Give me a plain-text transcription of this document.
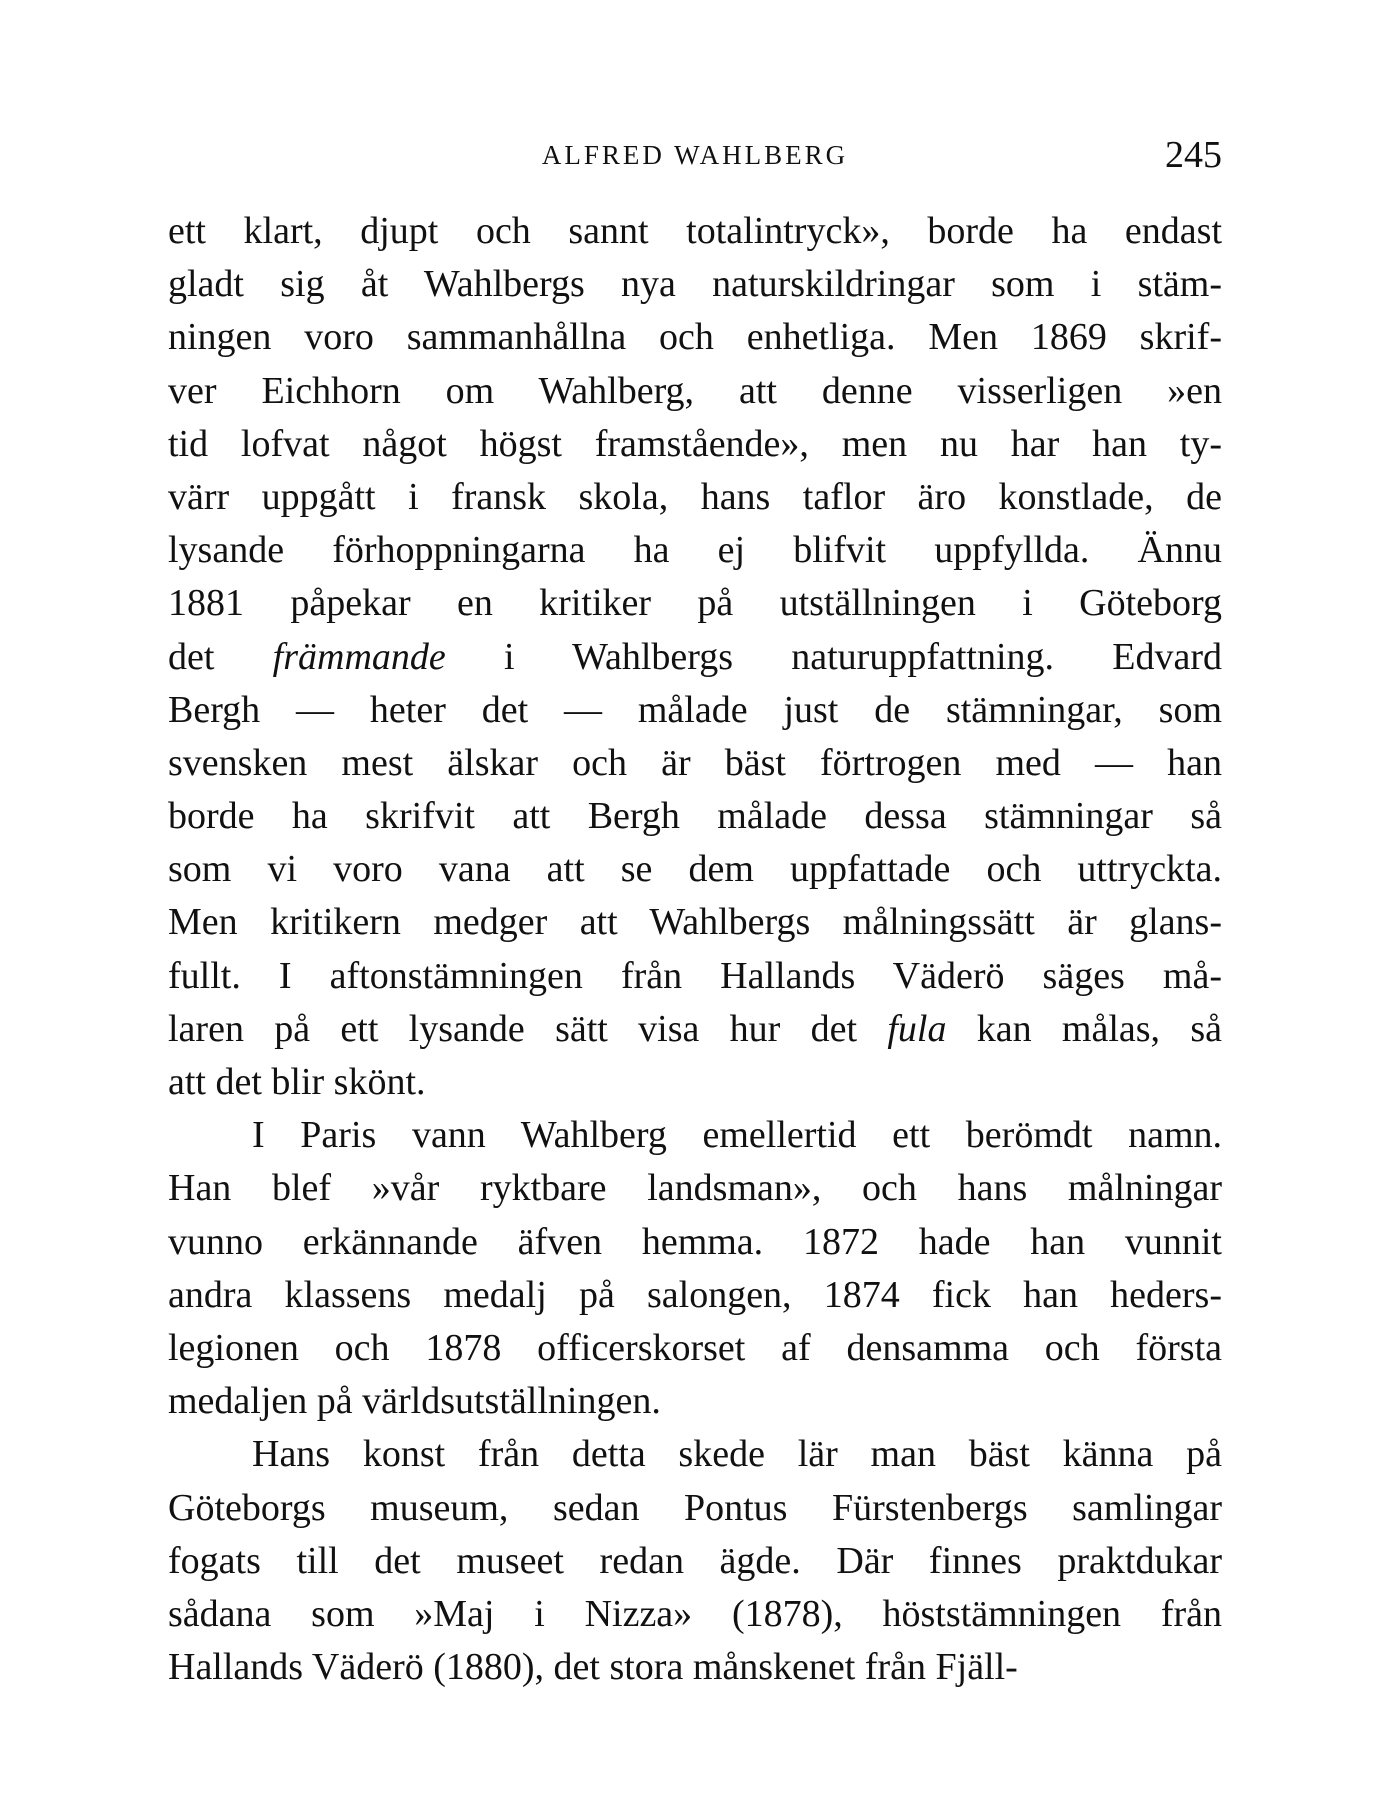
ALFRED WAHLBERG	245
ett klart, djupt och sannt totalintryck», borde ha endast
gladt sig åt Wahlbergs nya naturskildringar som i stäm-
ningen voro sammanhållna och enhetliga. Men 1869 skrif-
ver Eichhorn om Wahlberg, att denne visserligen »en
tid lofvat något högst framstående», men nu har han ty-
värr uppgått i fransk skola, hans taflor äro konstlade, de
lysande förhoppningarna ha ej blifvit uppfyllda. Ännu
1881 påpekar en kritiker på utställningen i Göteborg
det främmande i Wahlbergs naturuppfattning. Edvard
Bergh — heter det — målade just de stämningar, som
svensken mest älskar och är bäst förtrogen med — han
borde ha skrifvit att Bergh målade dessa stämningar så
som vi voro vana att se dem uppfattade och uttryckta.
Men kritikern medger att Wahlbergs målningssätt är glans-
fullt. I aftonstämningen från Hallands Väderö säges må-
laren på ett lysande sätt visa hur det fula kan målas, så
att det blir skönt.
I Paris vann Wahlberg emellertid ett berömdt namn.
Han blef »vår ryktbare landsman», och hans målningar
vunno erkännande äfven hemma. 1872 hade han vunnit
andra klassens medalj på salongen, 1874 fick han heders-
legionen och 1878 officerskorset af densamma och första
medaljen på världsutställningen.
Hans konst från detta skede lär man bäst känna på
Göteborgs museum, sedan Pontus Fürstenbergs samlingar
fogats till det museet redan ägde. Där finnes praktdukar
sådana som »Maj i Nizza» (1878), höststämningen från
Hallands Väderö (1880), det stora månskenet från Fjäll-
